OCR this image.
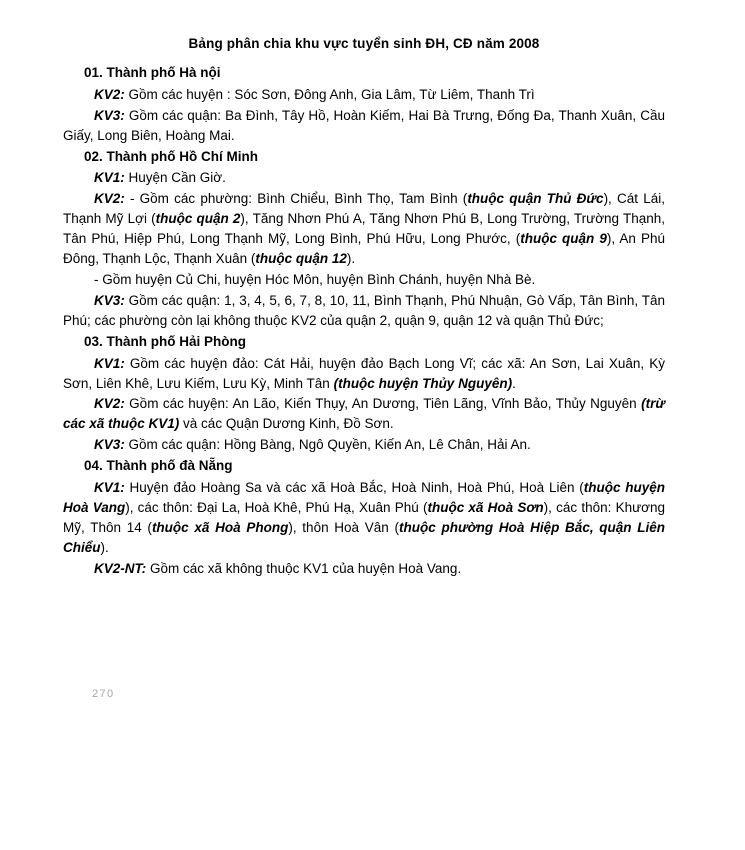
Bảng phân chia khu vực tuyển sinh ĐH, CĐ năm 2008
01. Thành phố Hà nội
KV2: Gồm các huyện : Sóc Sơn, Đông Anh, Gia Lâm, Từ Liêm, Thanh Trì
KV3: Gồm các quận: Ba Đình, Tây Hồ, Hoàn Kiếm, Hai Bà Trưng, Đống Đa, Thanh Xuân, Cầu Giấy, Long Biên, Hoàng Mai.
02. Thành phố Hồ Chí Minh
KV1: Huyện Cần Giờ.
KV2: - Gồm các phường: Bình Chiểu, Bình Thọ, Tam Bình (thuộc quận Thủ Đức), Cát Lái, Thạnh Mỹ Lợi (thuộc quận 2), Tăng Nhơn Phú A, Tăng Nhơn Phú B, Long Trường, Trường Thạnh, Tân Phú, Hiệp Phú, Long Thạnh Mỹ, Long Bình, Phú Hữu, Long Phước, (thuộc quận 9), An Phú Đông, Thạnh Lộc, Thạnh Xuân (thuộc quận 12).
- Gồm huyện Củ Chi, huyện Hóc Môn, huyện Bình Chánh, huyện Nhà Bè.
KV3: Gồm các quận: 1, 3, 4, 5, 6, 7, 8, 10, 11, Bình Thạnh, Phú Nhuận, Gò Vấp, Tân Bình, Tân Phú; các phường còn lại không thuộc KV2 của quận 2, quận 9, quận 12 và quận Thủ Đức;
03. Thành phố Hải Phòng
KV1: Gồm các huyện đảo: Cát Hải, huyện đảo Bạch Long Vĩ; các xã: An Sơn, Lai Xuân, Kỳ Sơn, Liên Khê, Lưu Kiếm, Lưu Kỳ, Minh Tân (thuộc huyện Thủy Nguyên).
KV2: Gồm các huyện: An Lão, Kiến Thụy, An Dương, Tiên Lãng, Vĩnh Bảo, Thủy Nguyên (trừ các xã thuộc KV1) và các Quận Dương Kinh, Đồ Sơn.
KV3: Gồm các quận: Hồng Bàng, Ngô Quyền, Kiến An, Lê Chân, Hải An.
04. Thành phố đà Nẵng
KV1: Huyện đảo Hoàng Sa và các xã Hoà Bắc, Hoà Ninh, Hoà Phú, Hoà Liên (thuộc huyện Hoà Vang), các thôn: Đại La, Hoà Khê, Phú Hạ, Xuân Phú (thuộc xã Hoà Sơn), các thôn: Khương Mỹ, Thôn 14 (thuộc xã Hoà Phong), thôn Hoà Vân (thuộc phường Hoà Hiệp Bắc, quận Liên Chiểu).
KV2-NT: Gồm các xã không thuộc KV1 của huyện Hoà Vang.
270
